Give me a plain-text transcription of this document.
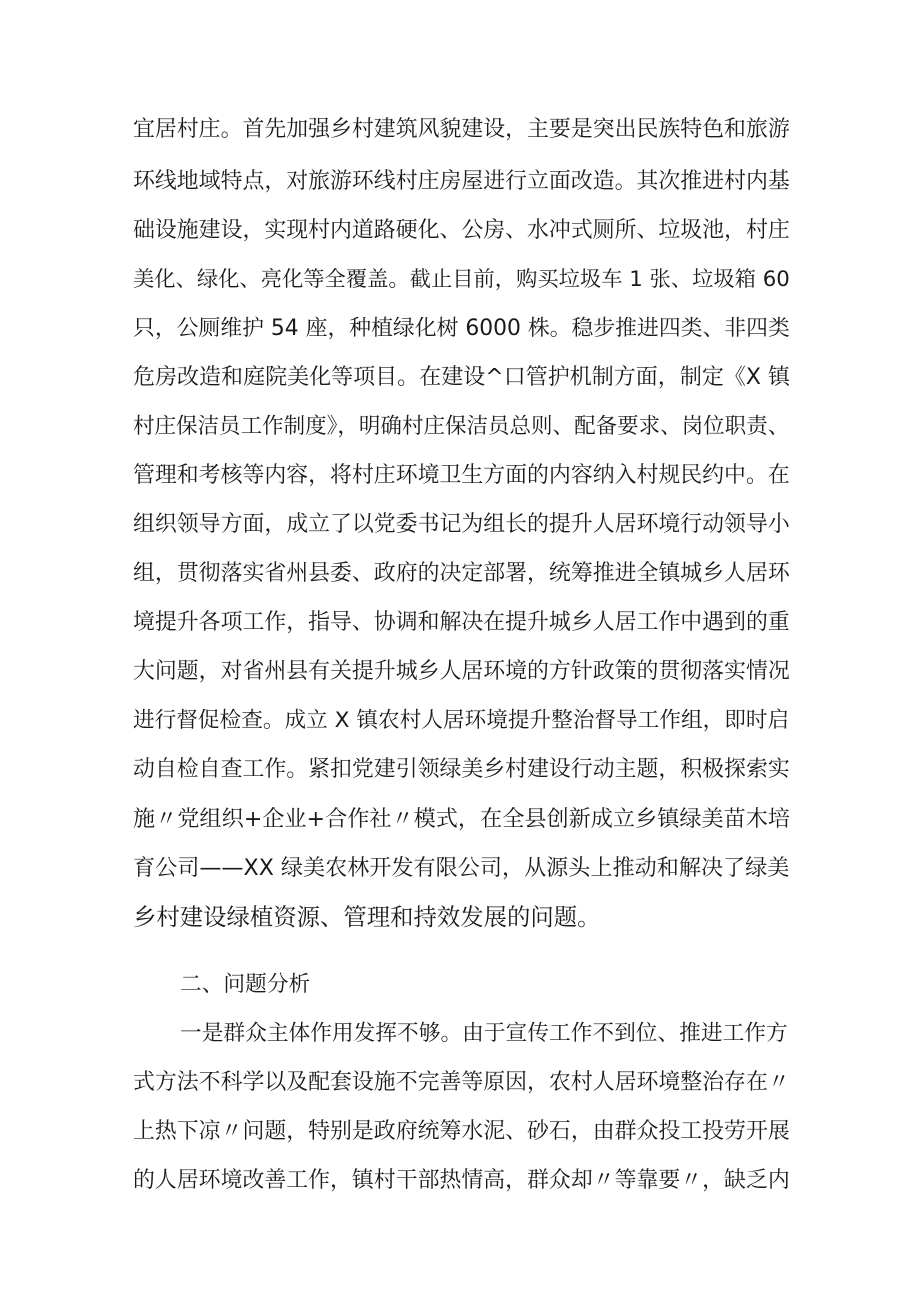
宜居村庄。首先加强乡村建筑风貌建设，主要是突出民族特色和旅游
环线地域特点，对旅游环线村庄房屋进行立面改造。其次推进村内基
础设施建设，实现村内道路硬化、公房、水冲式厕所、垃圾池，村庄
美化、绿化、亮化等全覆盖。截止目前，购买垃圾车 1 张、垃圾箱 60
只，公厕维护 54 座，种植绿化树 6000 株。稳步推进四类、非四类
危房改造和庭院美化等项目。在建设^口管护机制方面，制定《X 镇
村庄保洁员工作制度》，明确村庄保洁员总则、配备要求、岗位职责、
管理和考核等内容，将村庄环境卫生方面的内容纳入村规民约中。在
组织领导方面，成立了以党委书记为组长的提升人居环境行动领导小
组，贯彻落实省州县委、政府的决定部署，统筹推进全镇城乡人居环
境提升各项工作，指导、协调和解决在提升城乡人居工作中遇到的重
大问题，对省州县有关提升城乡人居环境的方针政策的贯彻落实情况
进行督促检查。成立 X 镇农村人居环境提升整治督导工作组，即时启
动自检自查工作。紧扣党建引领绿美乡村建设行动主题，积极探索实
施〃党组织+企业+合作社〃模式，在全县创新成立乡镇绿美苗木培
育公司——XX 绿美农林开发有限公司，从源头上推动和解决了绿美
乡村建设绿植资源、管理和持效发展的问题。
二、问题分析
一是群众主体作用发挥不够。由于宣传工作不到位、推进工作方
式方法不科学以及配套设施不完善等原因，农村人居环境整治存在〃
上热下凉〃问题，特别是政府统筹水泥、砂石，由群众投工投劳开展
的人居环境改善工作，镇村干部热情高，群众却〃等靠要〃，缺乏内
